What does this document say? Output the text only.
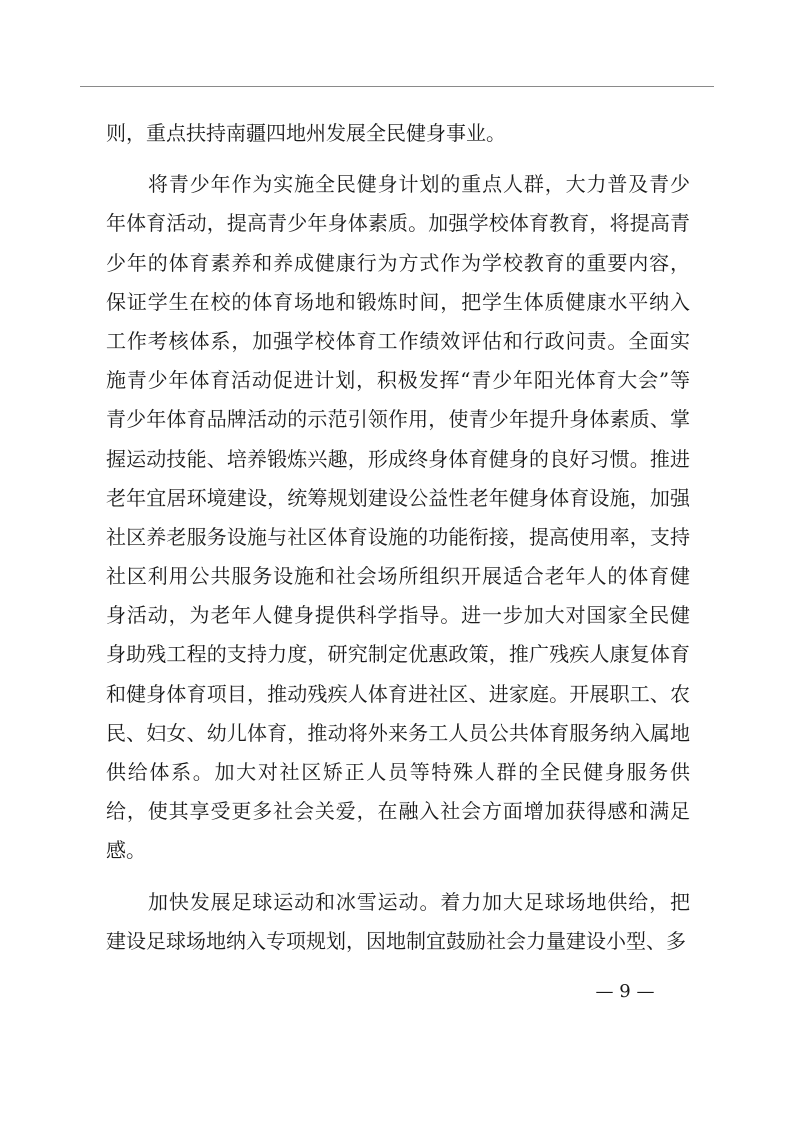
则，重点扶持南疆四地州发展全民健身事业。
将青少年作为实施全民健身计划的重点人群，大力普及青少
年体育活动，提高青少年身体素质。加强学校体育教育，将提高青
少年的体育素养和养成健康行为方式作为学校教育的重要内容，
保证学生在校的体育场地和锻炼时间，把学生体质健康水平纳入
工作考核体系，加强学校体育工作绩效评估和行政问责。全面实
施青少年体育活动促进计划，积极发挥“青少年阳光体育大会”等
青少年体育品牌活动的示范引领作用，使青少年提升身体素质、掌
握运动技能、培养锻炼兴趣，形成终身体育健身的良好习惯。推进
老年宜居环境建设，统筹规划建设公益性老年健身体育设施，加强
社区养老服务设施与社区体育设施的功能衔接，提高使用率，支持
社区利用公共服务设施和社会场所组织开展适合老年人的体育健
身活动，为老年人健身提供科学指导。进一步加大对国家全民健
身助残工程的支持力度，研究制定优惠政策，推广残疾人康复体育
和健身体育项目，推动残疾人体育进社区、进家庭。开展职工、农
民、妇女、幼儿体育，推动将外来务工人员公共体育服务纳入属地
供给体系。加大对社区矫正人员等特殊人群的全民健身服务供
给，使其享受更多社会关爱，在融入社会方面增加获得感和满足
感。
加快发展足球运动和冰雪运动。着力加大足球场地供给，把
建设足球场地纳入专项规划，因地制宜鼓励社会力量建设小型、多
— 9 —
